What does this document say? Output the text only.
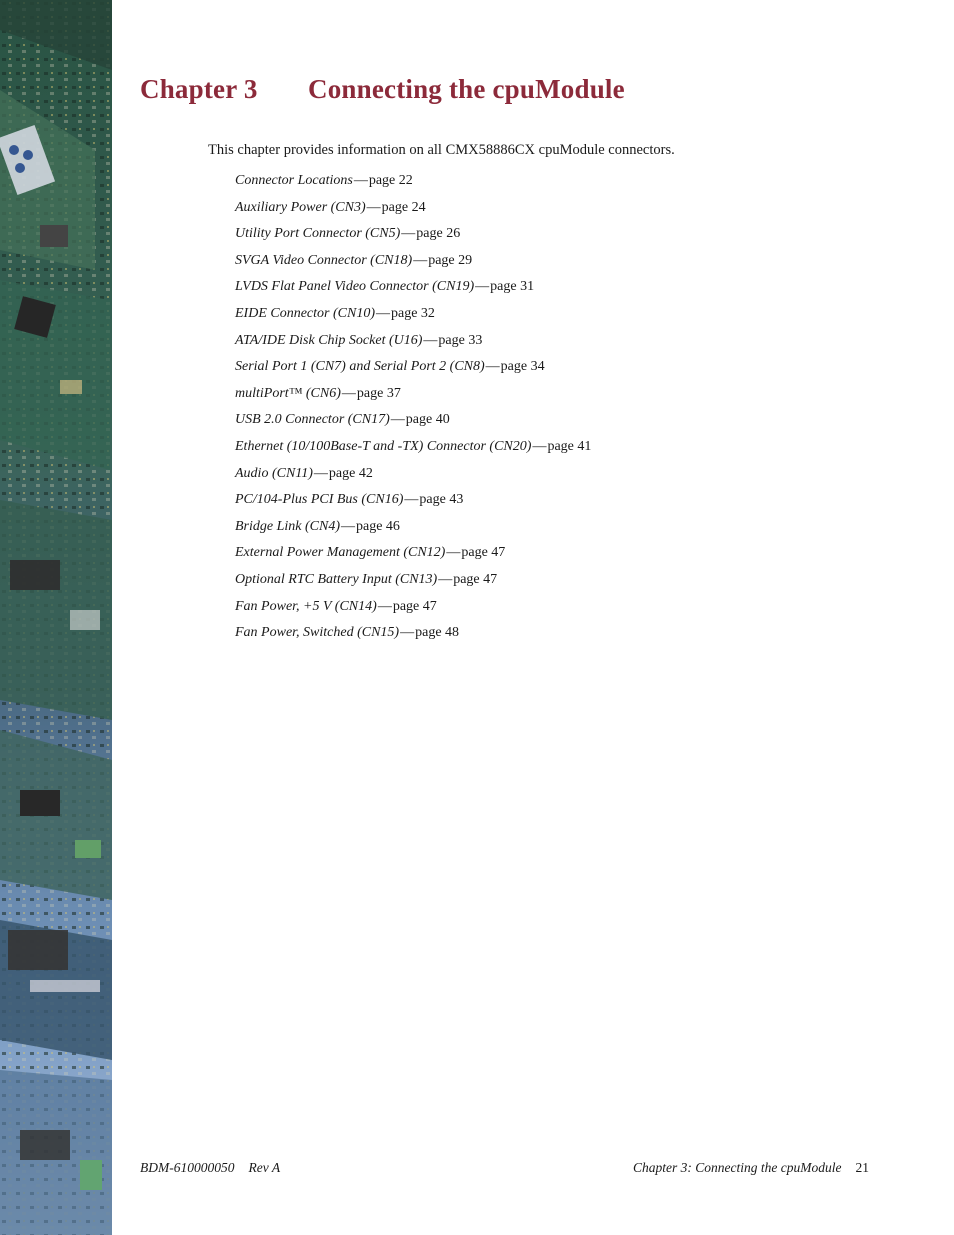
Chapter 3 Connecting the cpuModule

This chapter provides information on all CMX58886CX cpuModule connectors.

Connector Locations—page 22
Auxiliary Power (CN3)—page 24
Utility Port Connector (CN5)—page 26
SVGA Video Connector (CN18)—page 29
LVDS Flat Panel Video Connector (CN19)—page 31
EIDE Connector (CN10)—page 32
ATA/IDE Disk Chip Socket (U16)—page 33
Serial Port 1 (CN7) and Serial Port 2 (CN8)—page 34
multiPort™ (CN6)—page 37
USB 2.0 Connector (CN17)—page 40
Ethernet (10/100Base-T and -TX) Connector (CN20)—page 41
Audio (CN11)—page 42
PC/104-Plus PCI Bus (CN16)—page 43
Bridge Link (CN4)—page 46
External Power Management (CN12)—page 47
Optional RTC Battery Input (CN13)—page 47
Fan Power, +5 V (CN14)—page 47
Fan Power, Switched (CN15)—page 48
BDM-610000050 Rev A	Chapter 3: Connecting the cpuModule 21
